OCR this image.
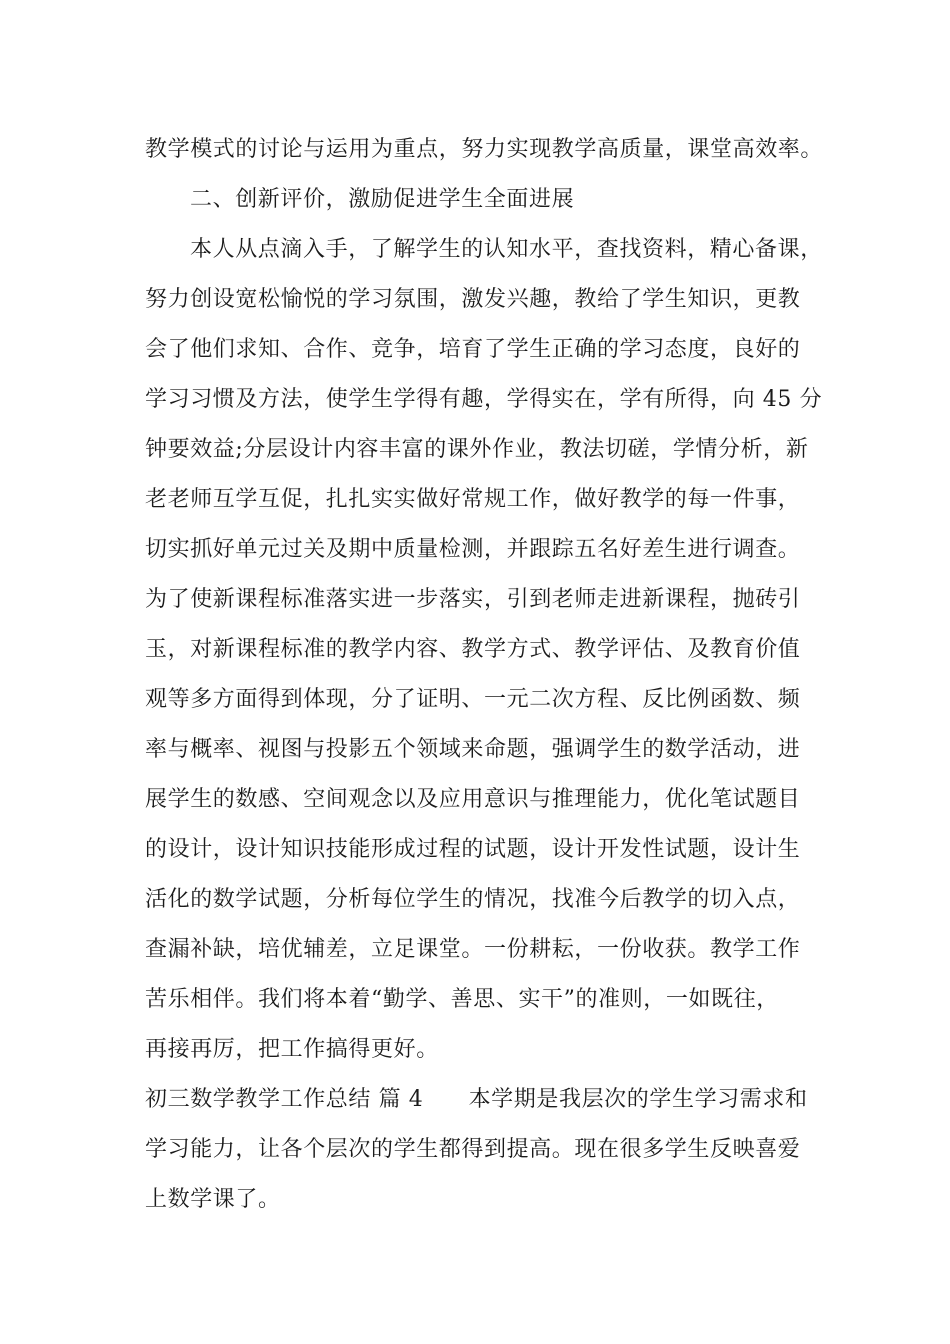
教学模式的讨论与运用为重点，努力实现教学高质量，课堂高效率。
二、创新评价，激励促进学生全面进展
本人从点滴入手，了解学生的认知水平，查找资料，精心备课，
努力创设宽松愉悦的学习氛围，激发兴趣，教给了学生知识，更教
会了他们求知、合作、竞争，培育了学生正确的学习态度，良好的
学习习惯及方法，使学生学得有趣，学得实在，学有所得，向 45 分
钟要效益;分层设计内容丰富的课外作业，教法切磋，学情分析，新
老老师互学互促，扎扎实实做好常规工作，做好教学的每一件事，
切实抓好单元过关及期中质量检测，并跟踪五名好差生进行调查。
为了使新课程标准落实进一步落实，引到老师走进新课程，抛砖引
玉，对新课程标准的教学内容、教学方式、教学评估、及教育价值
观等多方面得到体现，分了证明、一元二次方程、反比例函数、频
率与概率、视图与投影五个领域来命题，强调学生的数学活动，进
展学生的数感、空间观念以及应用意识与推理能力，优化笔试题目
的设计，设计知识技能形成过程的试题，设计开发性试题，设计生
活化的数学试题，分析每位学生的情况，找准今后教学的切入点，
查漏补缺，培优辅差，立足课堂。一份耕耘，一份收获。教学工作
苦乐相伴。我们将本着“勤学、善思、实干”的准则，一如既往，
再接再厉，把工作搞得更好。
初三数学教学工作总结 篇 4　　本学期是我层次的学生学习需求和
学习能力，让各个层次的学生都得到提高。现在很多学生反映喜爱
上数学课了。
